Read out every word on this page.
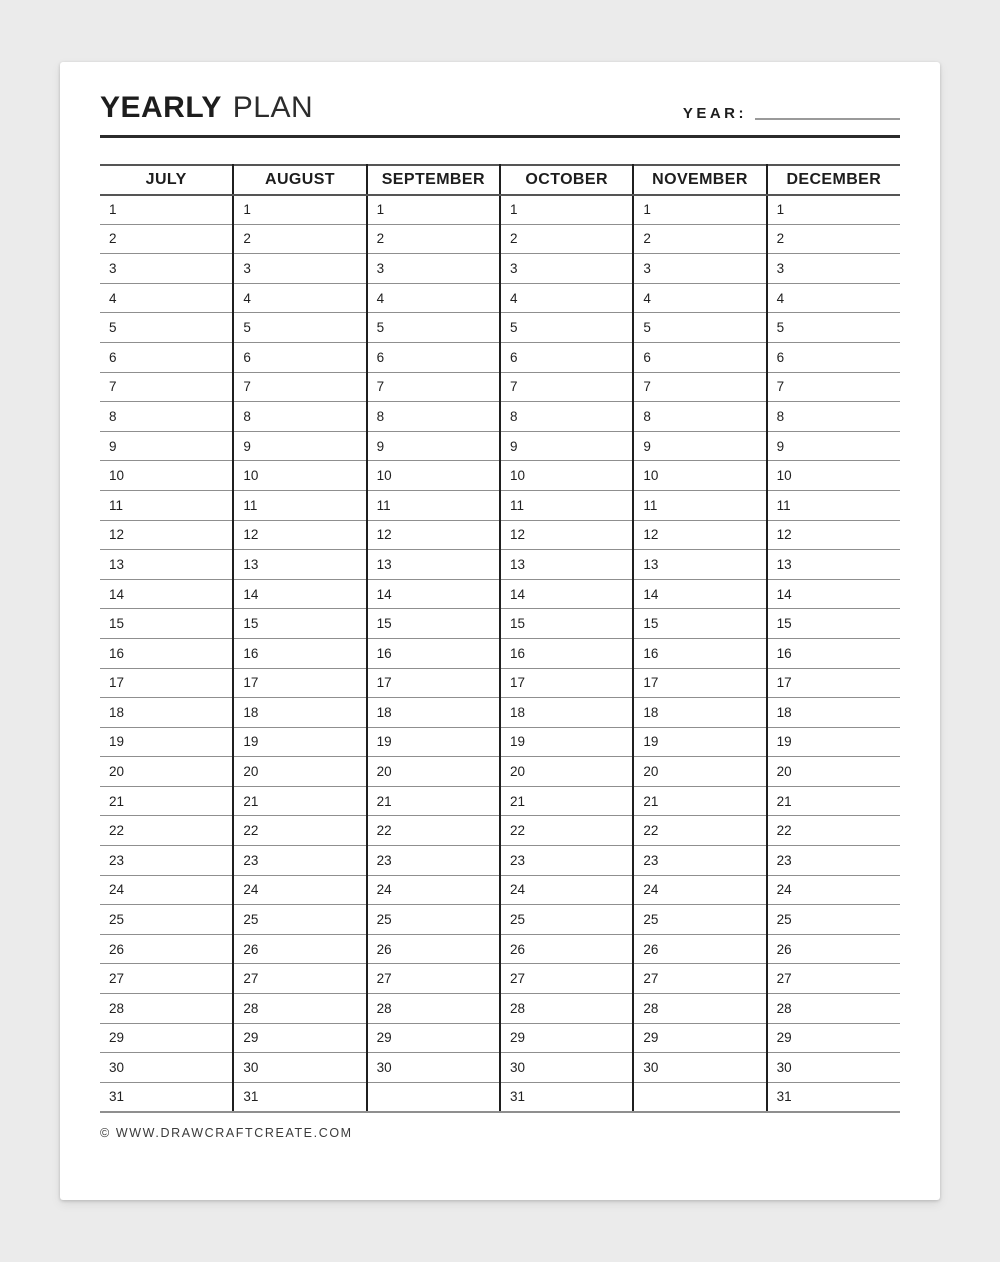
YEARLY PLAN	YEAR:
JULY	AUGUST	SEPTEMBER	OCTOBER	NOVEMBER	DECEMBER
1	1	1	1	1	1
2	2	2	2	2	2
3	3	3	3	3	3
4	4	4	4	4	4
5	5	5	5	5	5
6	6	6	6	6	6
7	7	7	7	7	7
8	8	8	8	8	8
9	9	9	9	9	9
10	10	10	10	10	10
11	11	11	11	11	11
12	12	12	12	12	12
13	13	13	13	13	13
14	14	14	14	14	14
15	15	15	15	15	15
16	16	16	16	16	16
17	17	17	17	17	17
18	18	18	18	18	18
19	19	19	19	19	19
20	20	20	20	20	20
21	21	21	21	21	21
22	22	22	22	22	22
23	23	23	23	23	23
24	24	24	24	24	24
25	25	25	25	25	25
26	26	26	26	26	26
27	27	27	27	27	27
28	28	28	28	28	28
29	29	29	29	29	29
30	30	30	30	30	30
31	31		31		31
© WWW.DRAWCRAFTCREATE.COM
